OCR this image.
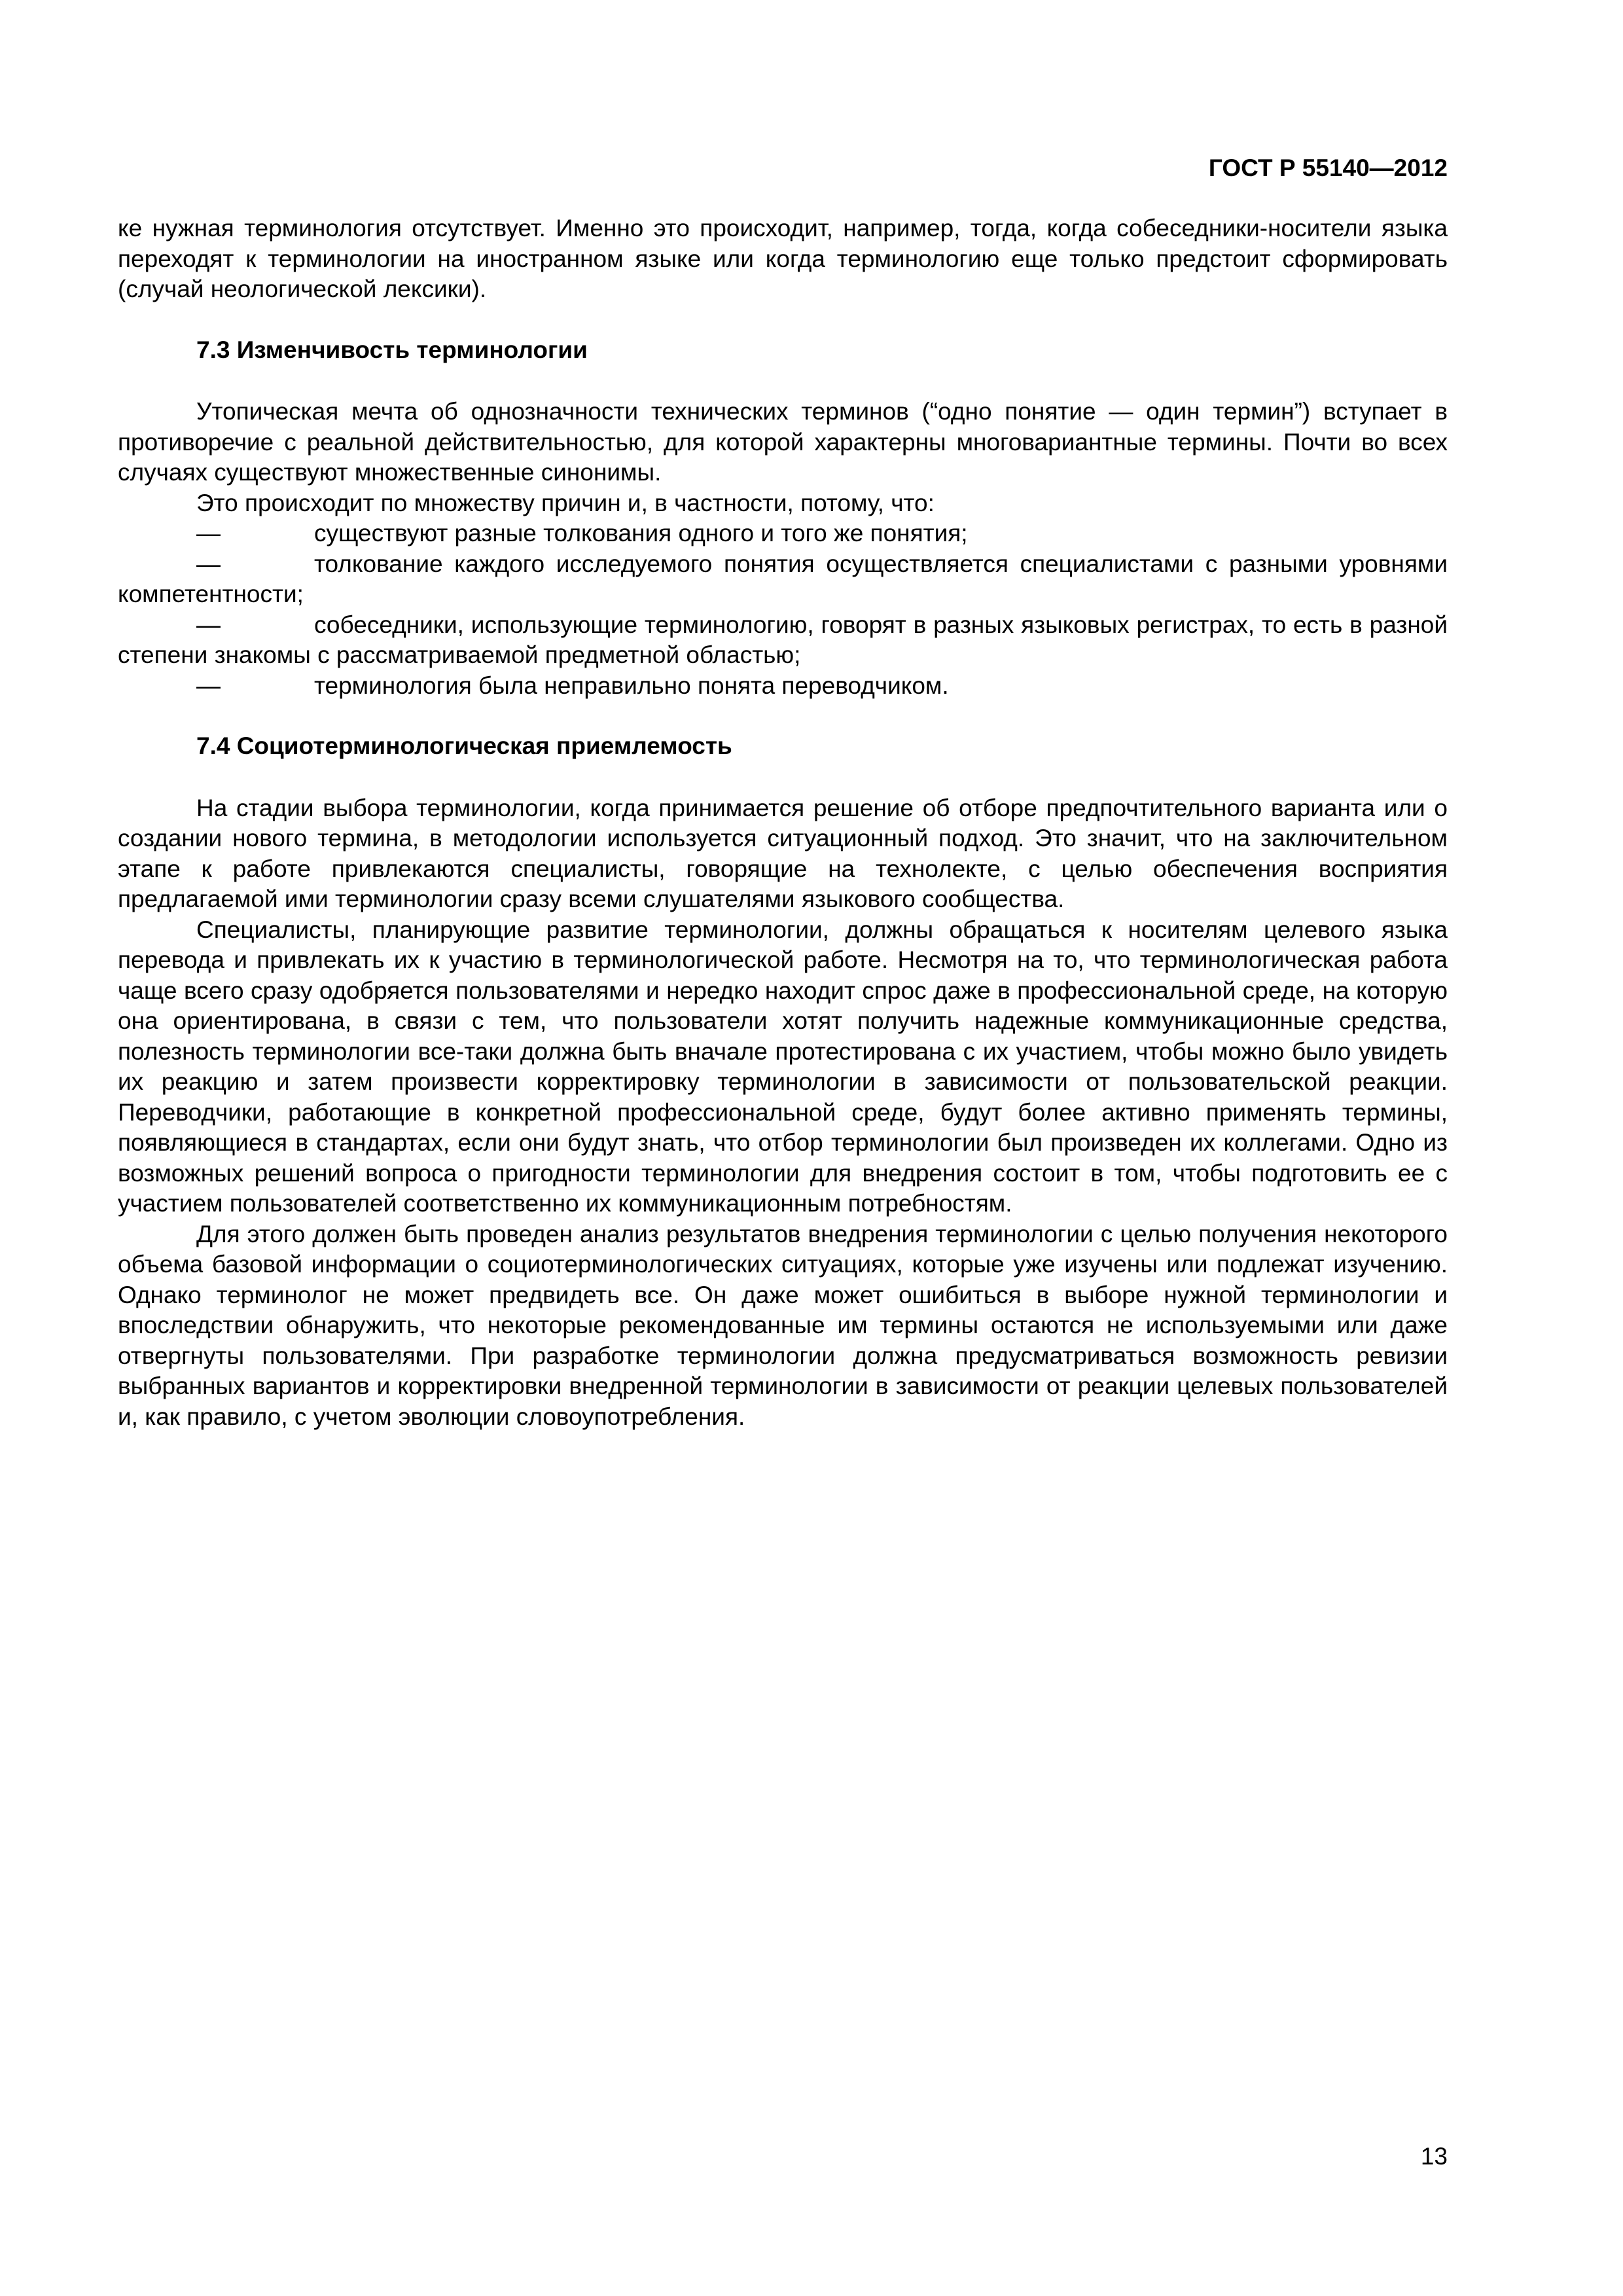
ГОСТ Р 55140—2012

ке нужная терминология отсутствует. Именно это происходит, например, тогда, когда собеседники-носители языка переходят к терминологии на иностранном языке или когда терминологию еще только предстоит сформировать (случай неологической лексики).

7.3 Изменчивость терминологии

Утопическая мечта об однозначности технических терминов (“одно понятие — один термин”) вступает в противоречие с реальной действительностью, для которой характерны многовариантные термины. Почти во всех случаях существуют множественные синонимы.

Это происходит по множеству причин и, в частности, потому, что:

—	существуют разные толкования одного и того же понятия;

—	толкование каждого исследуемого понятия осуществляется специалистами с разными уровнями компетентности;

—	собеседники, использующие терминологию, говорят в разных языковых регистрах, то есть в разной степени знакомы с рассматриваемой предметной областью;

—	терминология была неправильно понята переводчиком.

7.4 Социотерминологическая приемлемость

На стадии выбора терминологии, когда принимается решение об отборе предпочтительного варианта или о создании нового термина, в методологии используется ситуационный подход. Это значит, что на заключительном этапе к работе привлекаются специалисты, говорящие на технолекте, с целью обеспечения восприятия предлагаемой ими терминологии сразу всеми слушателями языкового сообщества.

Специалисты, планирующие развитие терминологии, должны обращаться к носителям целевого языка перевода и привлекать их к участию в терминологической работе. Несмотря на то, что терминологическая работа чаще всего сразу одобряется пользователями и нередко находит спрос даже в профессиональной среде, на которую она ориентирована, в связи с тем, что пользователи хотят получить надежные коммуникационные средства, полезность терминологии все-таки должна быть вначале протестирована с их участием, чтобы можно было увидеть их реакцию и затем произвести корректировку терминологии в зависимости от пользовательской реакции. Переводчики, работающие в конкретной профессиональной среде, будут более активно применять термины, появляющиеся в стандартах, если они будут знать, что отбор терминологии был произведен их коллегами. Одно из возможных решений вопроса о пригодности терминологии для внедрения состоит в том, чтобы подготовить ее с участием пользователей соответственно их коммуникационным потребностям.

Для этого должен быть проведен анализ результатов внедрения терминологии с целью получения некоторого объема базовой информации о социотерминологических ситуациях, которые уже изучены или подлежат изучению. Однако терминолог не может предвидеть все. Он даже может ошибиться в выборе нужной терминологии и впоследствии обнаружить, что некоторые рекомендованные им термины остаются не используемыми или даже отвергнуты пользователями. При разработке терминологии должна предусматриваться возможность ревизии выбранных вариантов и корректировки внедренной терминологии в зависимости от реакции целевых пользователей и, как правило, с учетом эволюции словоупотребления.

13
